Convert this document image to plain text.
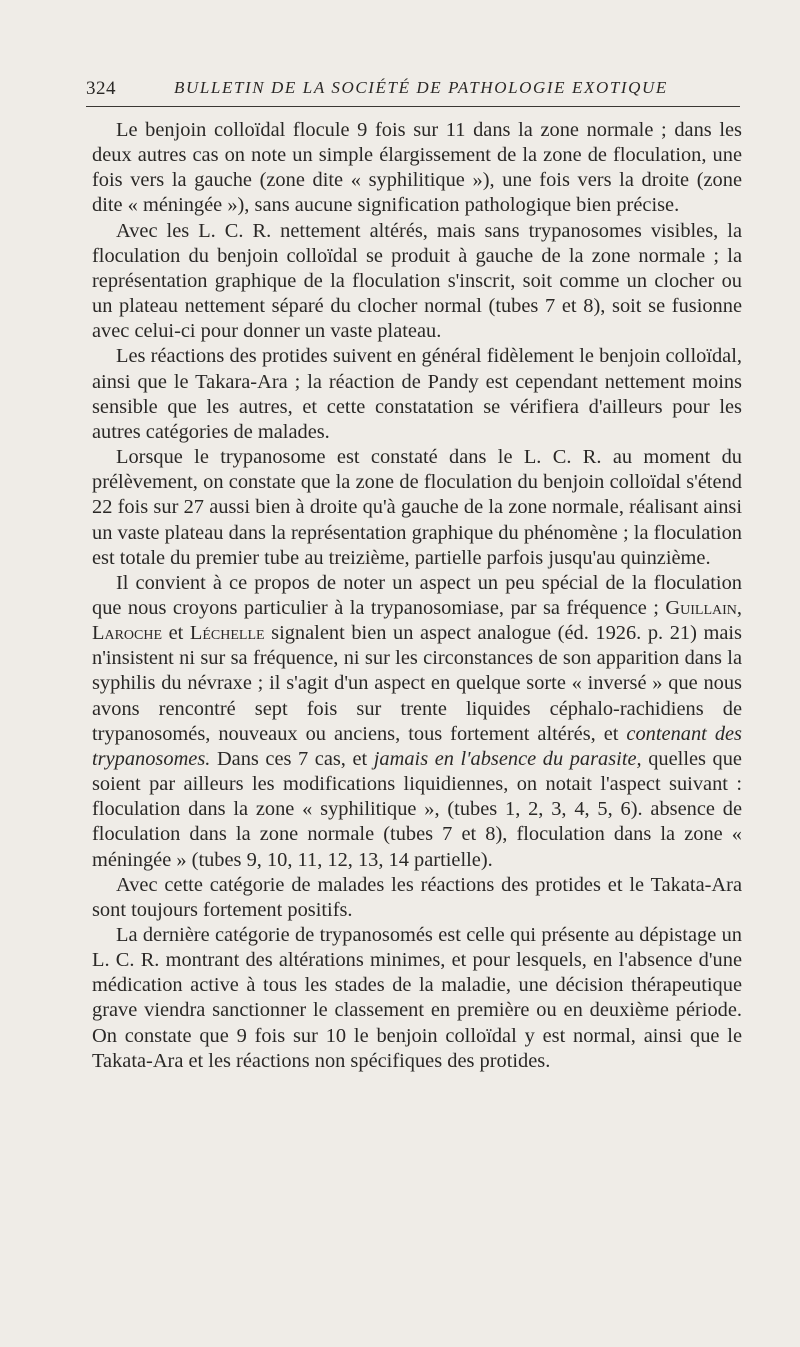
324	BULLETIN DE LA SOCIÉTÉ DE PATHOLOGIE EXOTIQUE

Le benjoin colloïdal flocule 9 fois sur 11 dans la zone normale ; dans les deux autres cas on note un simple élargissement de la zone de floculation, une fois vers la gauche (zone dite « syphilitique »), une fois vers la droite (zone dite « méningée »), sans aucune signification pathologique bien précise.

Avec les L. C. R. nettement altérés, mais sans trypanosomes visibles, la floculation du benjoin colloïdal se produit à gauche de la zone normale ; la représentation graphique de la floculation s'inscrit, soit comme un clocher ou un plateau nettement séparé du clocher normal (tubes 7 et 8), soit se fusionne avec celui-ci pour donner un vaste plateau.

Les réactions des protides suivent en général fidèlement le benjoin colloïdal, ainsi que le Takara-Ara ; la réaction de Pandy est cependant nettement moins sensible que les autres, et cette constatation se vérifiera d'ailleurs pour les autres catégories de malades.

Lorsque le trypanosome est constaté dans le L. C. R. au moment du prélèvement, on constate que la zone de floculation du benjoin colloïdal s'étend 22 fois sur 27 aussi bien à droite qu'à gauche de la zone normale, réalisant ainsi un vaste plateau dans la représentation graphique du phénomène ; la floculation est totale du premier tube au treizième, partielle parfois jusqu'au quinzième.

Il convient à ce propos de noter un aspect un peu spécial de la floculation que nous croyons particulier à la trypanosomiase, par sa fréquence ; Guillain, Laroche et Léchelle signalent bien un aspect analogue (éd. 1926. p. 21) mais n'insistent ni sur sa fréquence, ni sur les circonstances de son apparition dans la syphilis du névraxe ; il s'agit d'un aspect en quelque sorte « inversé » que nous avons rencontré sept fois sur trente liquides céphalo-rachidiens de trypanosomés, nouveaux ou anciens, tous fortement altérés, et contenant des trypanosomes. Dans ces 7 cas, et jamais en l'absence du parasite, quelles que soient par ailleurs les modifications liquidiennes, on notait l'aspect suivant : floculation dans la zone « syphilitique », (tubes 1, 2, 3, 4, 5, 6). absence de floculation dans la zone normale (tubes 7 et 8), floculation dans la zone « méningée » (tubes 9, 10, 11, 12, 13, 14 partielle).

Avec cette catégorie de malades les réactions des protides et le Takata-Ara sont toujours fortement positifs.

La dernière catégorie de trypanosomés est celle qui présente au dépistage un L. C. R. montrant des altérations minimes, et pour lesquels, en l'absence d'une médication active à tous les stades de la maladie, une décision thérapeutique grave viendra sanctionner le classement en première ou en deuxième période. On constate que 9 fois sur 10 le benjoin colloïdal y est normal, ainsi que le Takata-Ara et les réactions non spécifiques des protides.
